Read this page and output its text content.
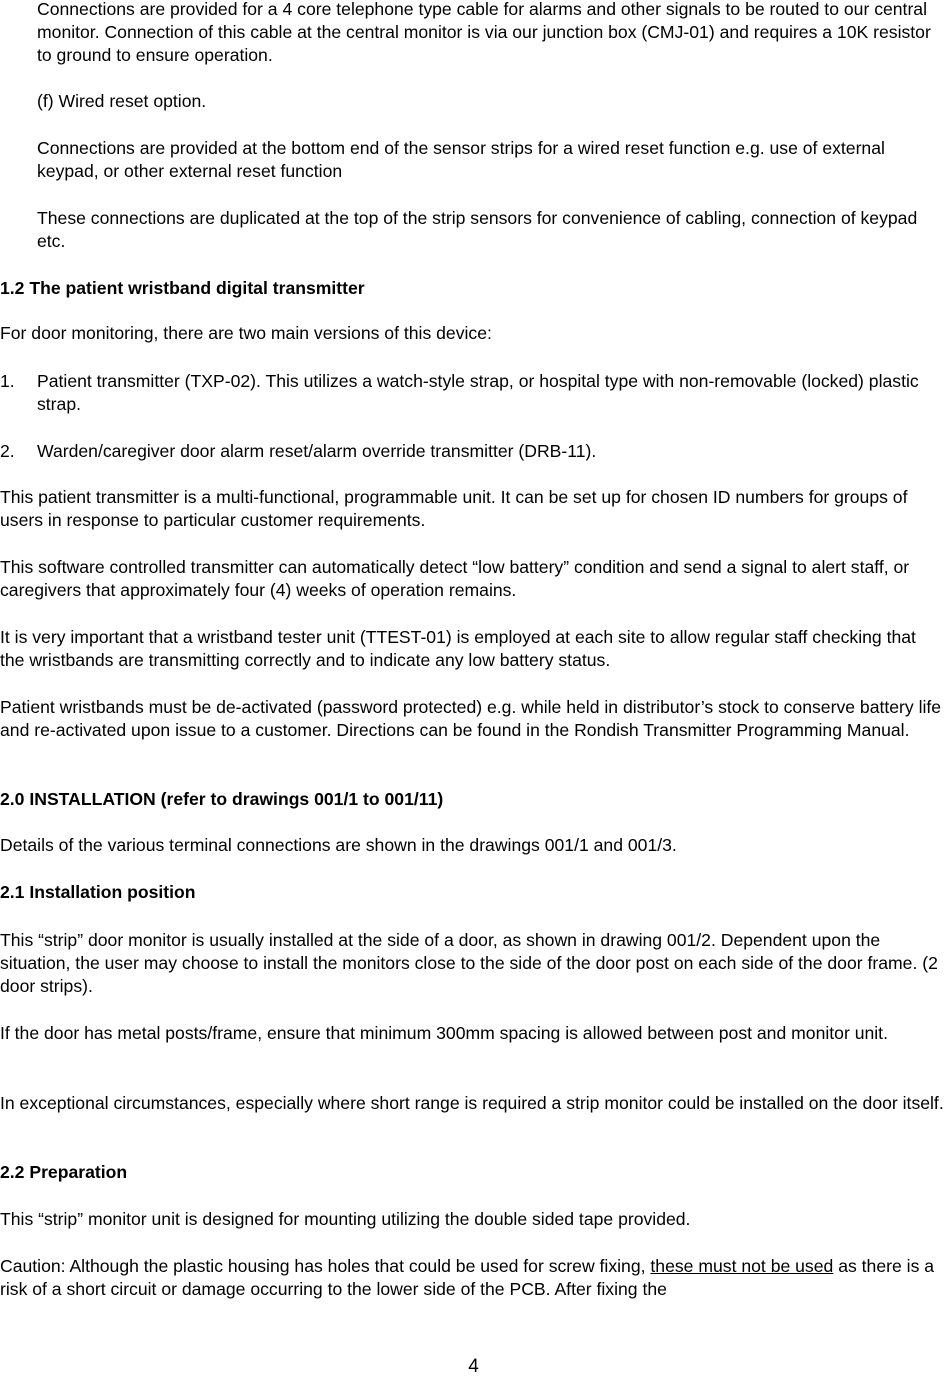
Connections are provided for a 4 core telephone type cable for alarms and other signals to be routed to our central monitor. Connection of this cable at the central monitor is via our junction box (CMJ-01) and requires a 10K resistor to ground to ensure operation.

(f) Wired reset option.

Connections are provided at the bottom end of the sensor strips for a wired reset function e.g. use of external keypad, or other external reset function

These connections are duplicated at the top of the strip sensors for convenience of cabling, connection of keypad etc.

1.2 The patient wristband digital transmitter

For door monitoring, there are two main versions of this device:

1. Patient transmitter (TXP-02). This utilizes a watch-style strap, or hospital type with non-removable (locked) plastic strap.
2. Warden/caregiver door alarm reset/alarm override transmitter (DRB-11).

This patient transmitter is a multi-functional, programmable unit. It can be set up for chosen ID numbers for groups of users in response to particular customer requirements.

This software controlled transmitter can automatically detect “low battery” condition and send a signal to alert staff, or caregivers that approximately four (4) weeks of operation remains.

It is very important that a wristband tester unit (TTEST-01) is employed at each site to allow regular staff checking that the wristbands are transmitting correctly and to indicate any low battery status.

Patient wristbands must be de-activated (password protected) e.g. while held in distributor’s stock to conserve battery life and re-activated upon issue to a customer. Directions can be found in the Rondish Transmitter Programming Manual.

2.0 INSTALLATION (refer to drawings 001/1 to 001/11)

Details of the various terminal connections are shown in the drawings 001/1 and 001/3.

2.1 Installation position

This “strip” door monitor is usually installed at the side of a door, as shown in drawing 001/2. Dependent upon the situation, the user may choose to install the monitors close to the side of the door post on each side of the door frame. (2 door strips).

If the door has metal posts/frame, ensure that minimum 300mm spacing is allowed between post and monitor unit.

In exceptional circumstances, especially where short range is required a strip monitor could be installed on the door itself.

2.2 Preparation

This “strip” monitor unit is designed for mounting utilizing the double sided tape provided.

Caution: Although the plastic housing has holes that could be used for screw fixing, these must not be used as there is a risk of a short circuit or damage occurring to the lower side of the PCB. After fixing the

4
